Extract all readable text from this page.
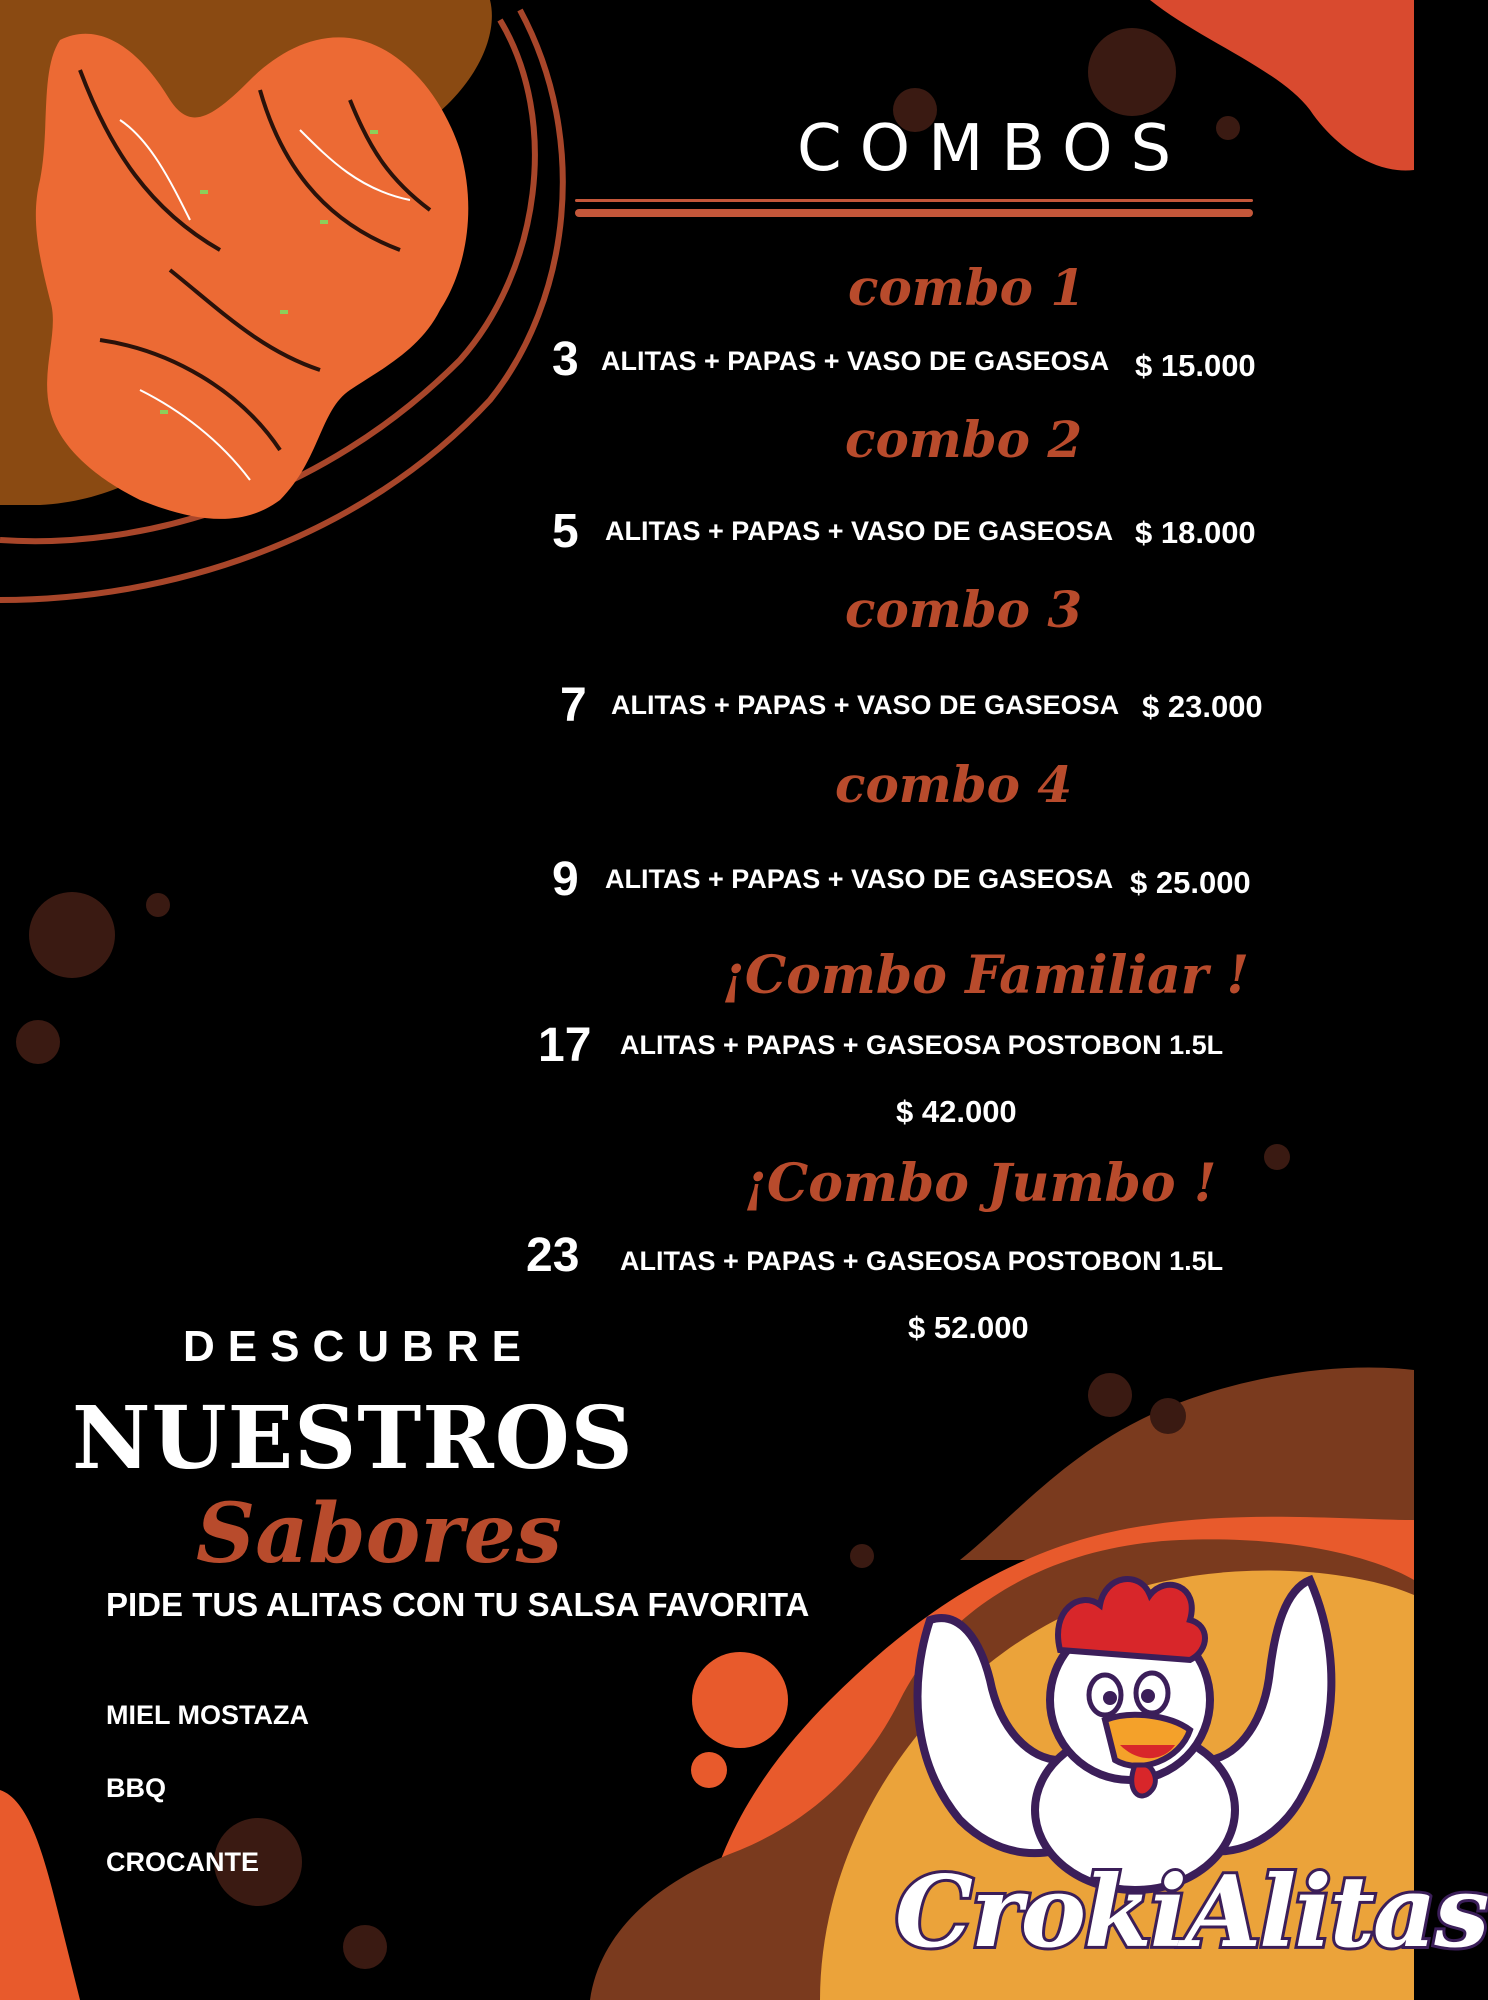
COMBOS
combo 1
3 ALITAS + PAPAS + VASO DE GASEOSA $ 15.000
combo 2
5 ALITAS + PAPAS + VASO DE GASEOSA $ 18.000
combo 3
7 ALITAS + PAPAS + VASO DE GASEOSA $ 23.000
combo 4
9 ALITAS + PAPAS + VASO DE GASEOSA $ 25.000
¡Combo Familiar !
17 ALITAS + PAPAS + GASEOSA POSTOBON 1.5L
$ 42.000
¡Combo Jumbo !
23 ALITAS + PAPAS + GASEOSA POSTOBON 1.5L
$ 52.000
DESCUBRE
NUESTROS
Sabores
PIDE TUS ALITAS CON TU SALSA FAVORITA
MIEL MOSTAZA
BBQ
CROCANTE	CrokiAlitas
